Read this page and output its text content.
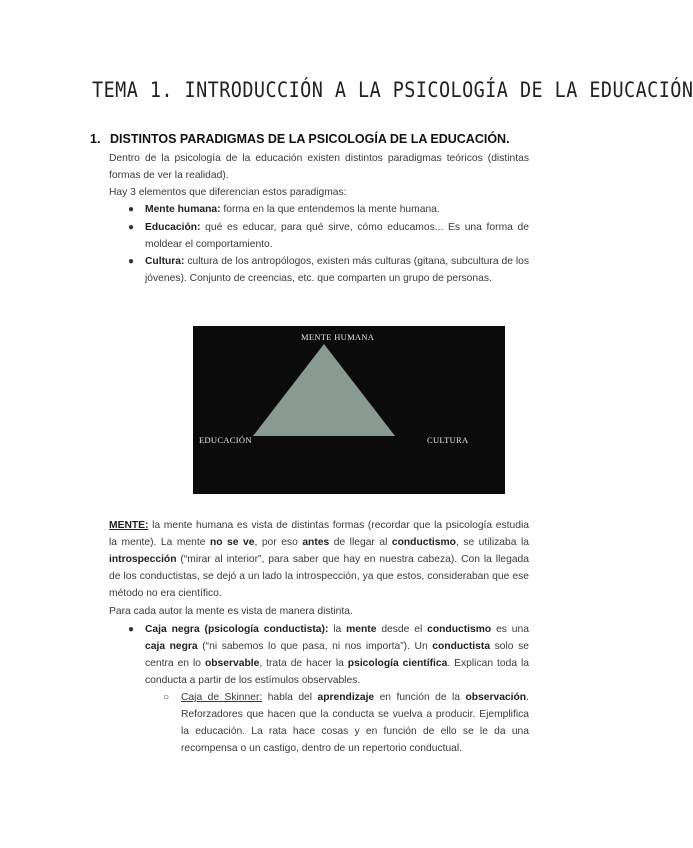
TEMA 1. INTRODUCCIÓN A LA PSICOLOGÍA DE LA EDUCACIÓN
1. DISTINTOS PARADIGMAS DE LA PSICOLOGÍA DE LA EDUCACIÓN.
Dentro de la psicología de la educación existen distintos paradigmas teóricos (distintas formas de ver la realidad).
Hay 3 elementos que diferencian estos paradigmas:
● Mente humana: forma en la que entendemos la mente humana.
● Educación: qué es educar, para qué sirve, cómo educamos... Es una forma de moldear el comportamiento.
● Cultura: cultura de los antropólogos, existen más culturas (gitana, subcultura de los jóvenes). Conjunto de creencias, etc. que comparten un grupo de personas.
MENTE HUMANA
EDUCACIÓN	CULTURA
MENTE: la mente humana es vista de distintas formas (recordar que la psicología estudia la mente). La mente no se ve, por eso antes de llegar al conductismo, se utilizaba la introspección (“mirar al interior”, para saber que hay en nuestra cabeza). Con la llegada de los conductistas, se dejó a un lado la introspección, ya que estos, consideraban que ese método no era científico.
Para cada autor la mente es vista de manera distinta.
● Caja negra (psicología conductista): la mente desde el conductismo es una caja negra (“ni sabemos lo que pasa, ni nos importa”). Un conductista solo se centra en lo observable, trata de hacer la psicología científica. Explican toda la conducta a partir de los estímulos observables.
○ Caja de Skinner: habla del aprendizaje en función de la observación. Reforzadores que hacen que la conducta se vuelva a producir. Ejemplifica la educación. La rata hace cosas y en función de ello se le da una recompensa o un castigo, dentro de un repertorio conductual.
